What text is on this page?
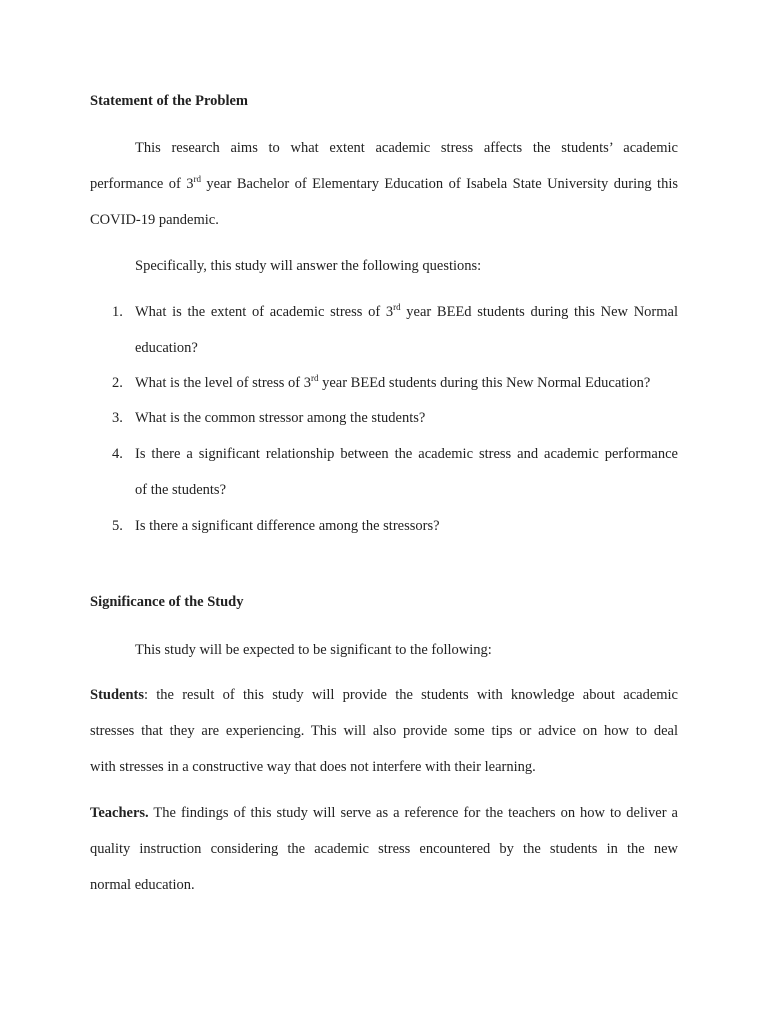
Statement of the Problem
This research aims to what extent academic stress affects the students’ academic
performance of 3rd year Bachelor of Elementary Education of Isabela State University during this
COVID-19 pandemic.
Specifically, this study will answer the following questions:
1. What is the extent of academic stress of 3rd year BEEd students during this New Normal
education?
2. What is the level of stress of 3rd year BEEd students during this New Normal Education?
3. What is the common stressor among the students?
4. Is there a significant relationship between the academic stress and academic performance
of the students?
5. Is there a significant difference among the stressors?
Significance of the Study
This study will be expected to be significant to the following:
Students: the result of this study will provide the students with knowledge about academic
stresses that they are experiencing. This will also provide some tips or advice on how to deal
with stresses in a constructive way that does not interfere with their learning.
Teachers. The findings of this study will serve as a reference for the teachers on how to deliver a
quality instruction considering the academic stress encountered by the students in the new
normal education.
